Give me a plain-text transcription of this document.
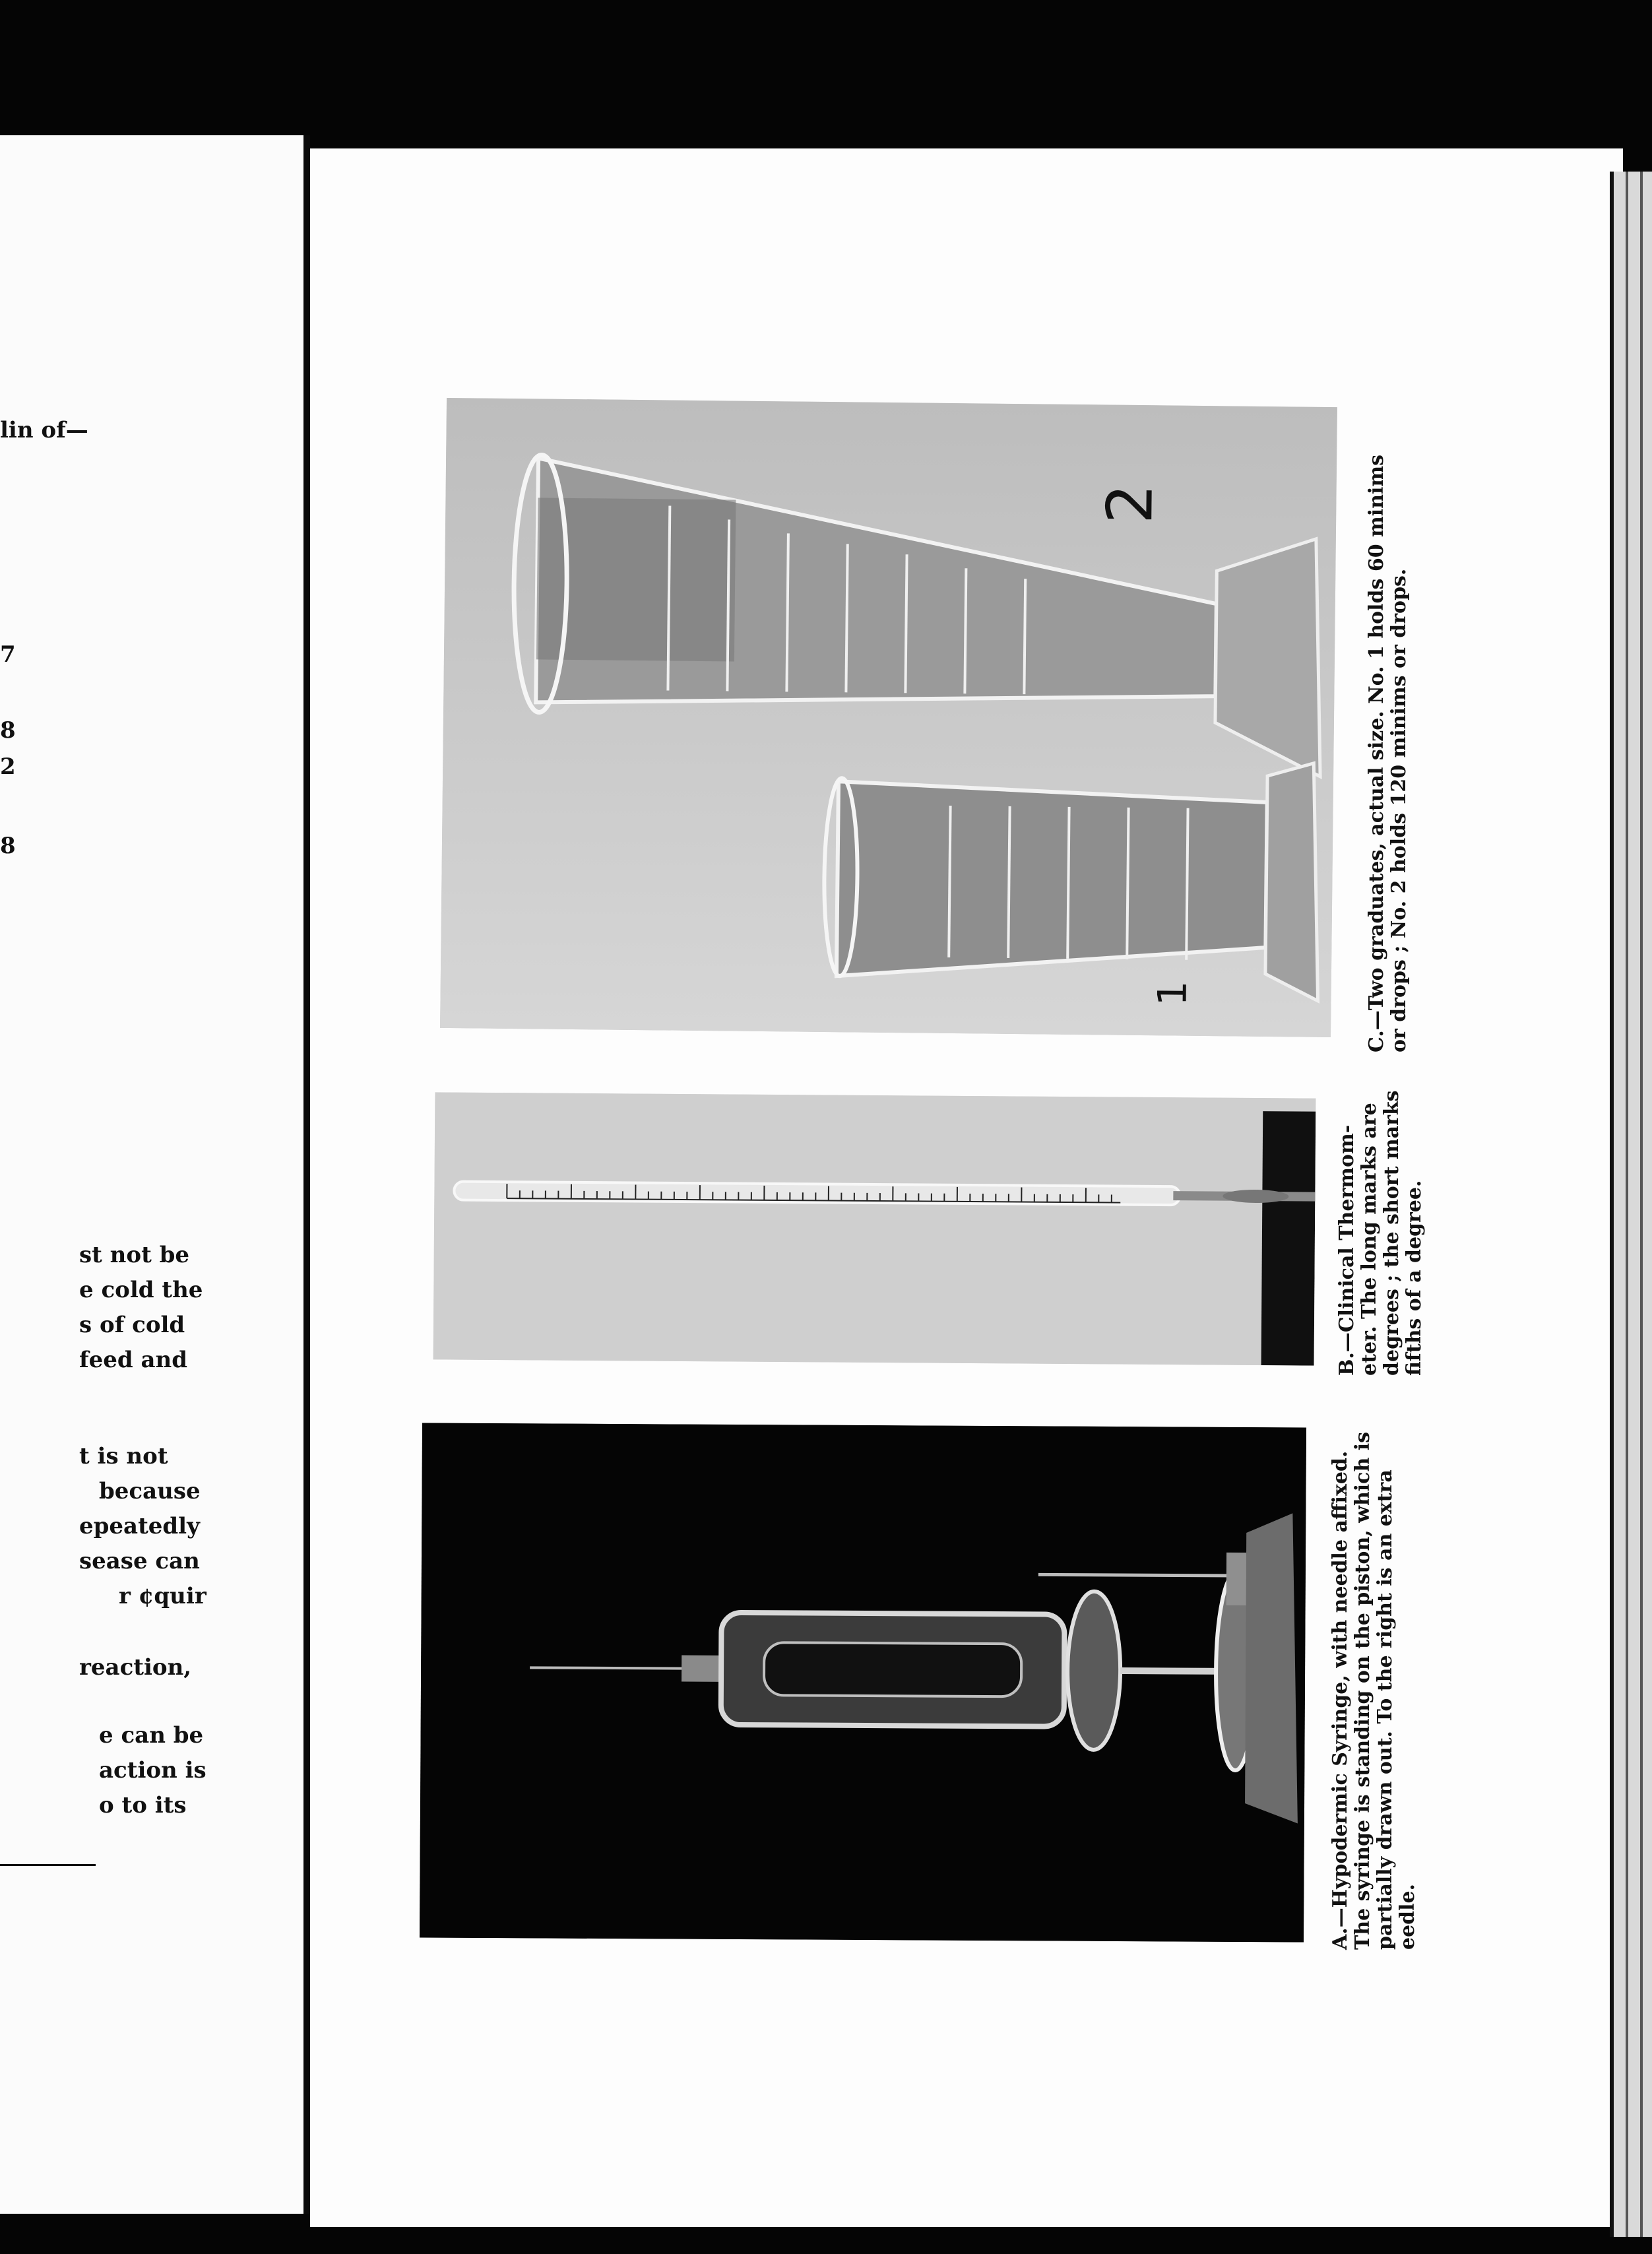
lin of—
7
8
2
8
st not be
e cold the
s of cold
feed and
t is not
because
epeatedly
sease can
r ¢quir
reaction,
e can be
action is
o to its
2
1	C.—Two graduates, actual size. No. 1 holds 60 minims or drops ; No. 2 holds 120 minims or drops.
B.—Clinical Thermom- eter. The long marks are degrees ; the short marks fifths of a degree.
A.—Hypodermic Syringe, with needle affixed. The syringe is standing on the piston, which is partially drawn out. To the right is an extra eedle.
